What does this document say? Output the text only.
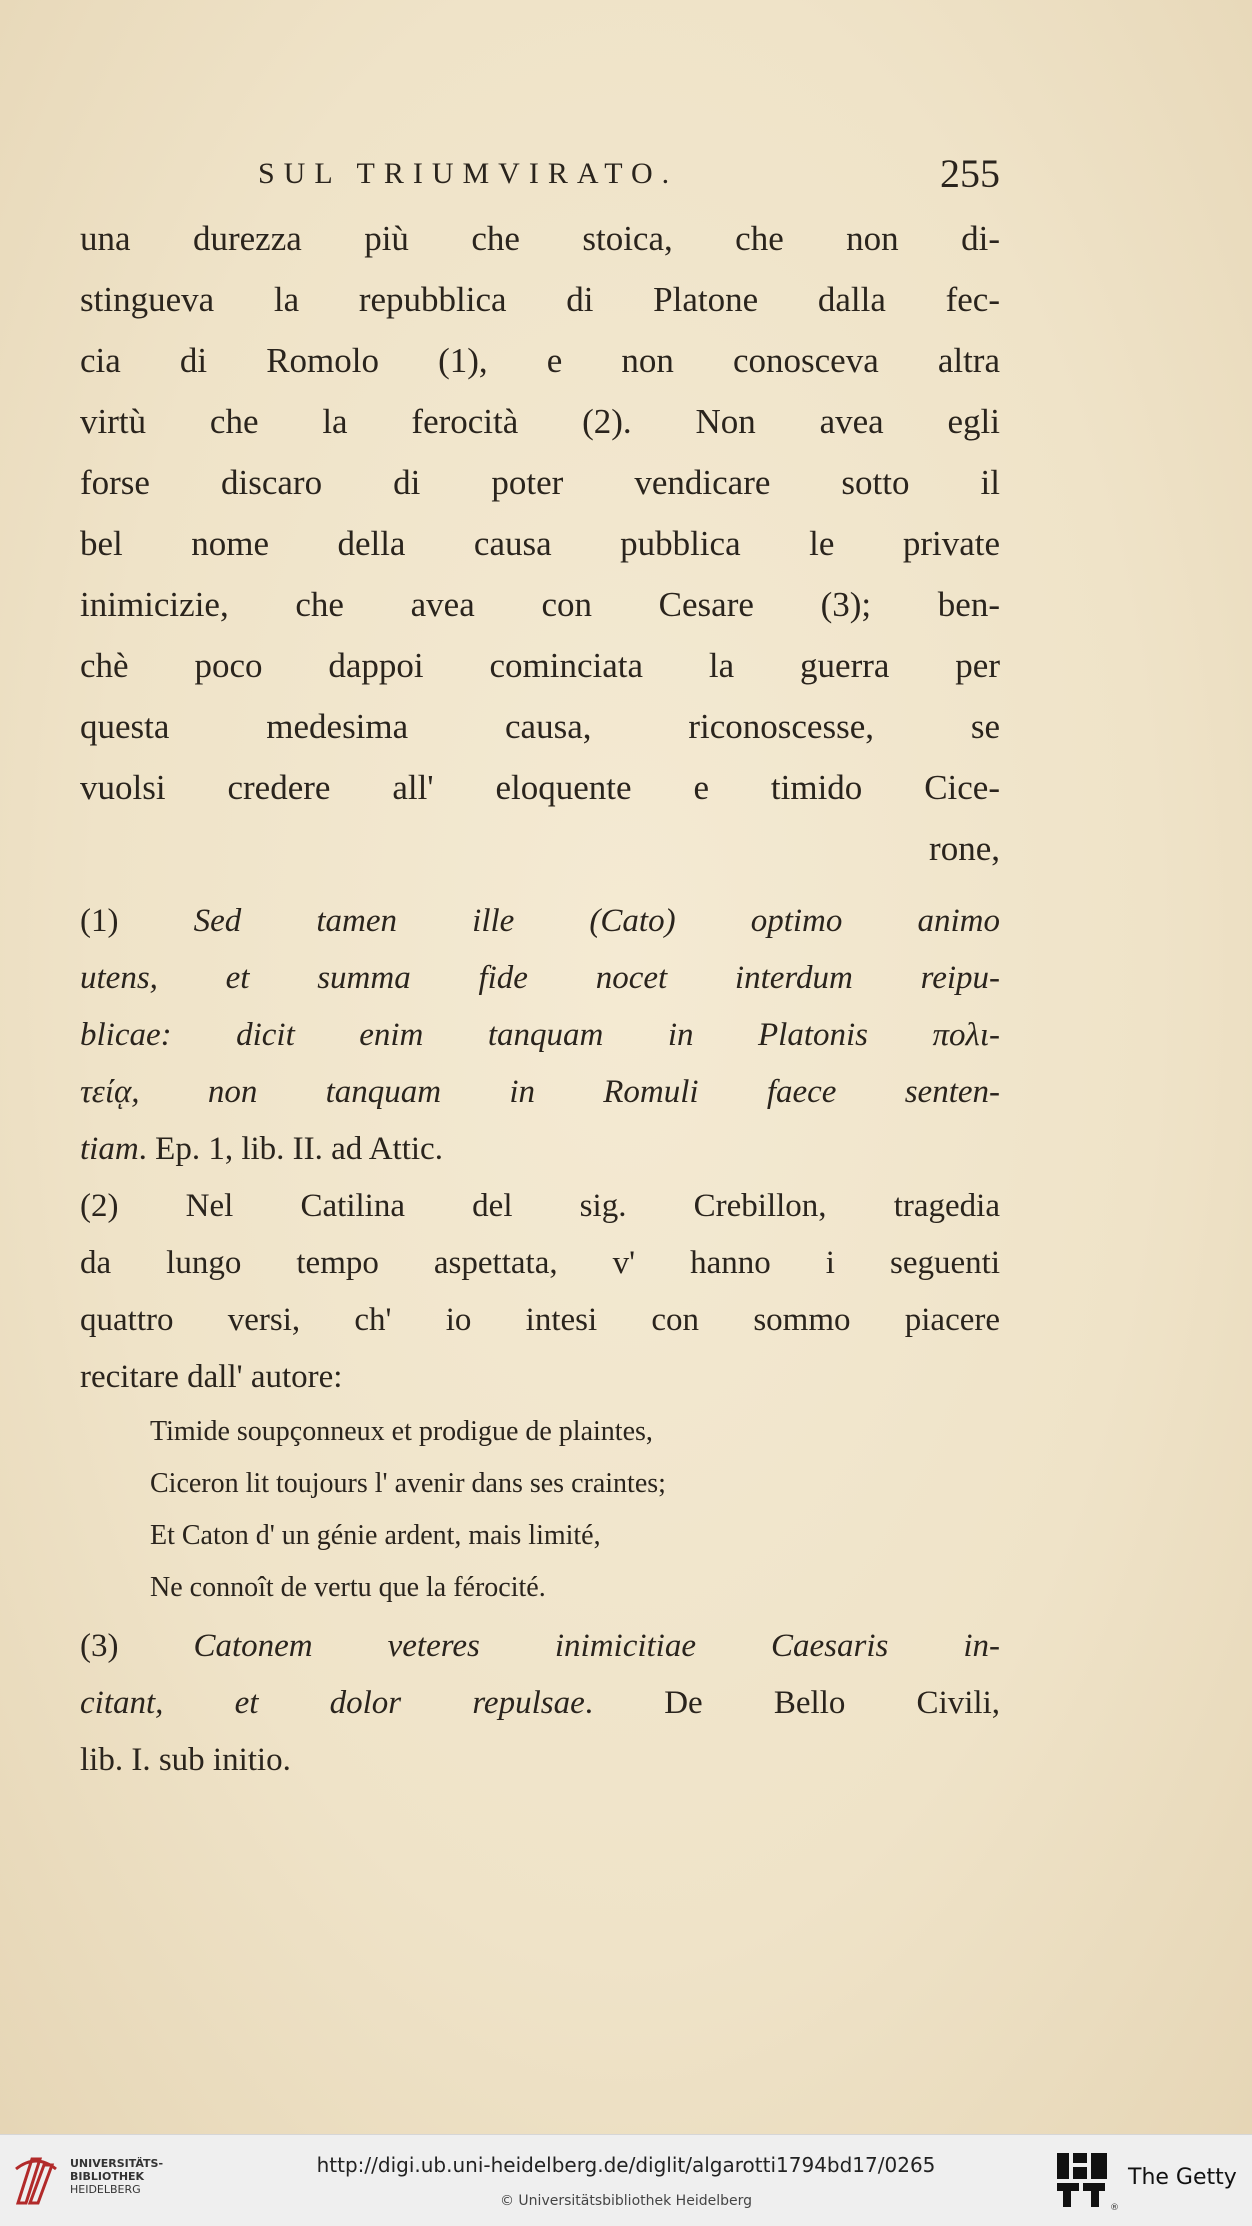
SUL TRIUMVIRATO.	255
una durezza più che stoica, che non di-
stingueva la repubblica di Platone dalla fec-
cia di Romolo (1), e non conosceva altra
virtù che la ferocità (2). Non avea egli
forse discaro di poter vendicare sotto il
bel nome della causa pubblica le private
inimicizie, che avea con Cesare (3); ben-
chè poco dappoi cominciata la guerra per
questa medesima causa, riconoscesse, se
vuolsi credere all' eloquente e timido Cice-
rone,
(1) Sed tamen ille (Cato) optimo animo
utens, et summa fide nocet interdum reipu-
blicae: dicit enim tanquam in Platonis πολι-
τείᾳ, non tanquam in Romuli faece senten-
tiam. Ep. 1, lib. II. ad Attic.
(2) Nel Catilina del sig. Crebillon, tragedia
da lungo tempo aspettata, v' hanno i seguenti
quattro versi, ch' io intesi con sommo piacere
recitare dall' autore:
Timide soupçonneux et prodigue de plaintes,
Ciceron lit toujours l' avenir dans ses craintes;
Et Caton d' un génie ardent, mais limité,
Ne connoît de vertu que la férocité.
(3) Catonem veteres inimicitiae Caesaris in-
citant, et dolor repulsae. De Bello Civili,
lib. I. sub initio.
UNIVERSITÄTS-
BIBLIOTHEK
HEIDELBERG
http://digi.ub.uni-heidelberg.de/diglit/algarotti1794bd17/0265
© Universitätsbibliothek Heidelberg	®
The Getty
